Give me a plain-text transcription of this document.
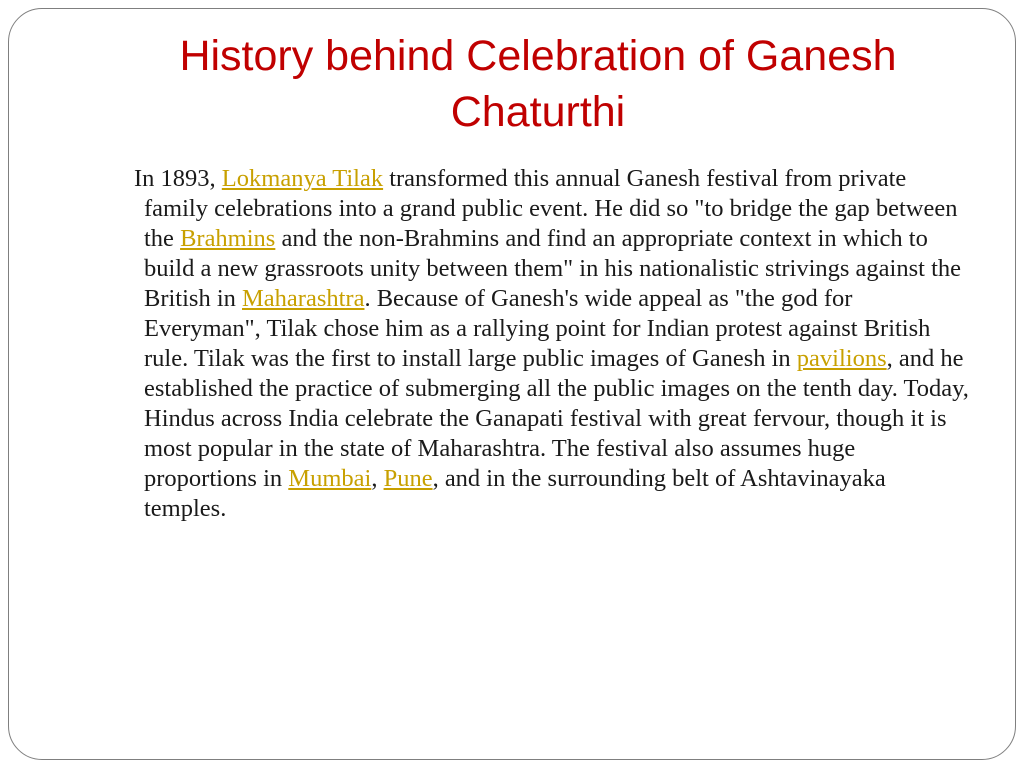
History behind Celebration of Ganesh Chaturthi

In 1893, Lokmanya Tilak transformed this annual Ganesh festival from private family celebrations into a grand public event. He did so "to bridge the gap between the Brahmins and the non-Brahmins and find an appropriate context in which to build a new grassroots unity between them" in his nationalistic strivings against the British in Maharashtra. Because of Ganesh's wide appeal as "the god for Everyman", Tilak chose him as a rallying point for Indian protest against British rule. Tilak was the first to install large public images of Ganesh in pavilions, and he established the practice of submerging all the public images on the tenth day. Today, Hindus across India celebrate the Ganapati festival with great fervour, though it is most popular in the state of Maharashtra. The festival also assumes huge proportions in Mumbai, Pune, and in the surrounding belt of Ashtavinayaka temples.
